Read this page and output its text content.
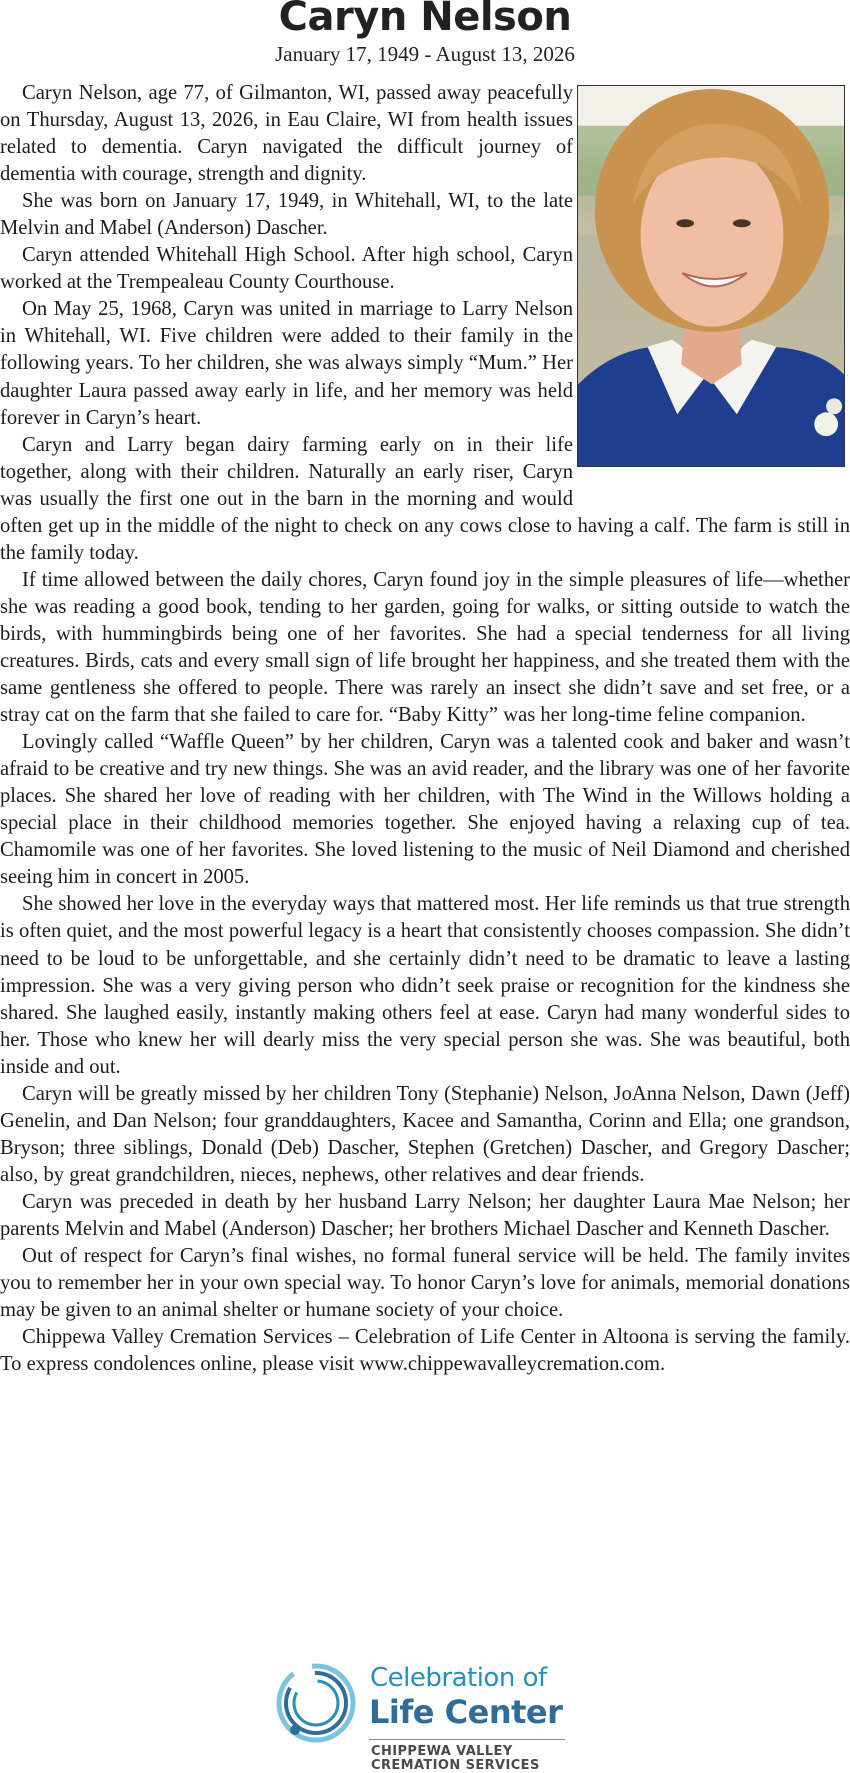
Caryn Nelson
January 17, 1949 - August 13, 2026

Caryn Nelson, age 77, of Gilmanton, WI, passed away peacefully on Thursday, August 13, 2026, in Eau Claire, WI from health issues related to dementia. Caryn navigated the difficult journey of dementia with courage, strength and dignity.

She was born on January 17, 1949, in Whitehall, WI, to the late Melvin and Mabel (Anderson) Dascher.

Caryn attended Whitehall High School. After high school, Caryn worked at the Trempealeau County Courthouse.

On May 25, 1968, Caryn was united in marriage to Larry Nelson in Whitehall, WI. Five children were added to their family in the following years. To her children, she was always simply “Mum.” Her daughter Laura passed away early in life, and her memory was held forever in Caryn’s heart.

Caryn and Larry began dairy farming early on in their life together, along with their children. Naturally an early riser, Caryn was usually the first one out in the barn in the morning and would often get up in the middle of the night to check on any cows close to having a calf. The farm is still in the family today.

If time allowed between the daily chores, Caryn found joy in the simple pleasures of life—whether she was reading a good book, tending to her garden, going for walks, or sitting outside to watch the birds, with hummingbirds being one of her favorites. She had a special tenderness for all living creatures. Birds, cats and every small sign of life brought her happiness, and she treated them with the same gentleness she offered to people. There was rarely an insect she didn’t save and set free, or a stray cat on the farm that she failed to care for. “Baby Kitty” was her long-time feline companion.

Lovingly called “Waffle Queen” by her children, Caryn was a talented cook and baker and wasn’t afraid to be creative and try new things. She was an avid reader, and the library was one of her favorite places. She shared her love of reading with her children, with The Wind in the Willows holding a special place in their childhood memories together. She enjoyed having a relaxing cup of tea. Chamomile was one of her favorites. She loved listening to the music of Neil Diamond and cherished seeing him in concert in 2005.

She showed her love in the everyday ways that mattered most. Her life reminds us that true strength is often quiet, and the most powerful legacy is a heart that consistently chooses compassion. She didn’t need to be loud to be unforgettable, and she certainly didn’t need to be dramatic to leave a lasting impression. She was a very giving person who didn’t seek praise or recognition for the kindness she shared. She laughed easily, instantly making others feel at ease. Caryn had many wonderful sides to her. Those who knew her will dearly miss the very special person she was. She was beautiful, both inside and out.

Caryn will be greatly missed by her children Tony (Stephanie) Nelson, JoAnna Nelson, Dawn (Jeff) Genelin, and Dan Nelson; four granddaughters, Kacee and Samantha, Corinn and Ella; one grandson, Bryson; three siblings, Donald (Deb) Dascher, Stephen (Gretchen) Dascher, and Gregory Dascher; also, by great grandchildren, nieces, nephews, other relatives and dear friends.

Caryn was preceded in death by her husband Larry Nelson; her daughter Laura Mae Nelson; her parents Melvin and Mabel (Anderson) Dascher; her brothers Michael Dascher and Kenneth Dascher.

Out of respect for Caryn’s final wishes, no formal funeral service will be held. The family invites you to remember her in your own special way. To honor Caryn’s love for animals, memorial donations may be given to an animal shelter or humane society of your choice.

Chippewa Valley Cremation Services – Celebration of Life Center in Altoona is serving the family. To express condolences online, please visit www.chippewavalleycremation.com.

Celebration of
Life Center
CHIPPEWA VALLEY
CREMATION SERVICES
